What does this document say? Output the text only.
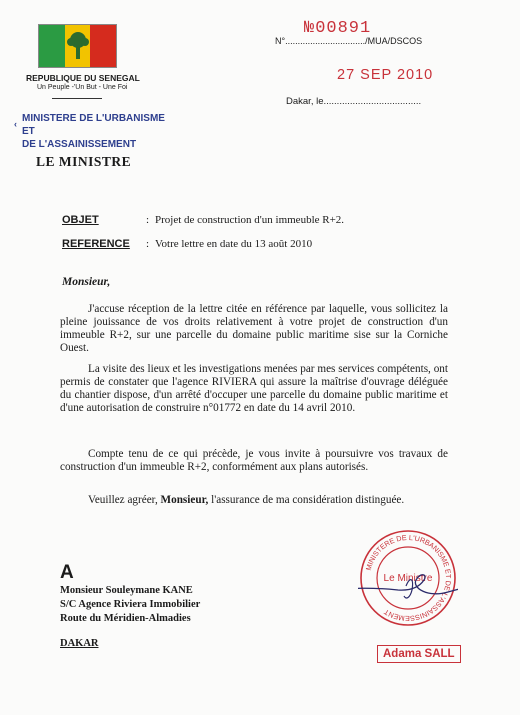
REPUBLIQUE DU SENEGAL
Un Peuple -'Un But - Une Foi
‹ MINISTERE DE L'URBANISME ET
DE L'ASSAINISSEMENT
LE MINISTRE
№00891
N°................................/MUA/DSCOS
27 SEP 2010
Dakar, le.....................................
OBJET	: Projet de construction d'un immeuble R+2.
REFERENCE : Votre lettre en date du 13 août 2010
Monsieur,

J'accuse réception de la lettre citée en référence par laquelle, vous sollicitez la pleine jouissance de vos droits relativement à votre projet de construction d'un immeuble R+2, sur une parcelle du domaine public maritime sise sur la Corniche Ouest.

La visite des lieux et les investigations menées par mes services compétents, ont permis de constater que l'agence RIVIERA qui assure la maîtrise d'ouvrage déléguée du chantier dispose, d'un arrêté d'occuper une parcelle du domaine public maritime et d'une autorisation de construire n°01772 en date du 14 avril 2010.

Compte tenu de ce qui précède, je vous invite à poursuivre vos travaux de construction d'un immeuble R+2, conformément aux plans autorisés.

Veuillez agréer, Monsieur, l'assurance de ma considération distinguée.

A
Monsieur Souleymane KANE
S/C Agence Riviera Immobilier
Route du Méridien-Almadies
DAKAR
MINISTERE DE L'URBANISME ET DE L'ASSAINISSEMENT
Le Ministre
Adama SALL
